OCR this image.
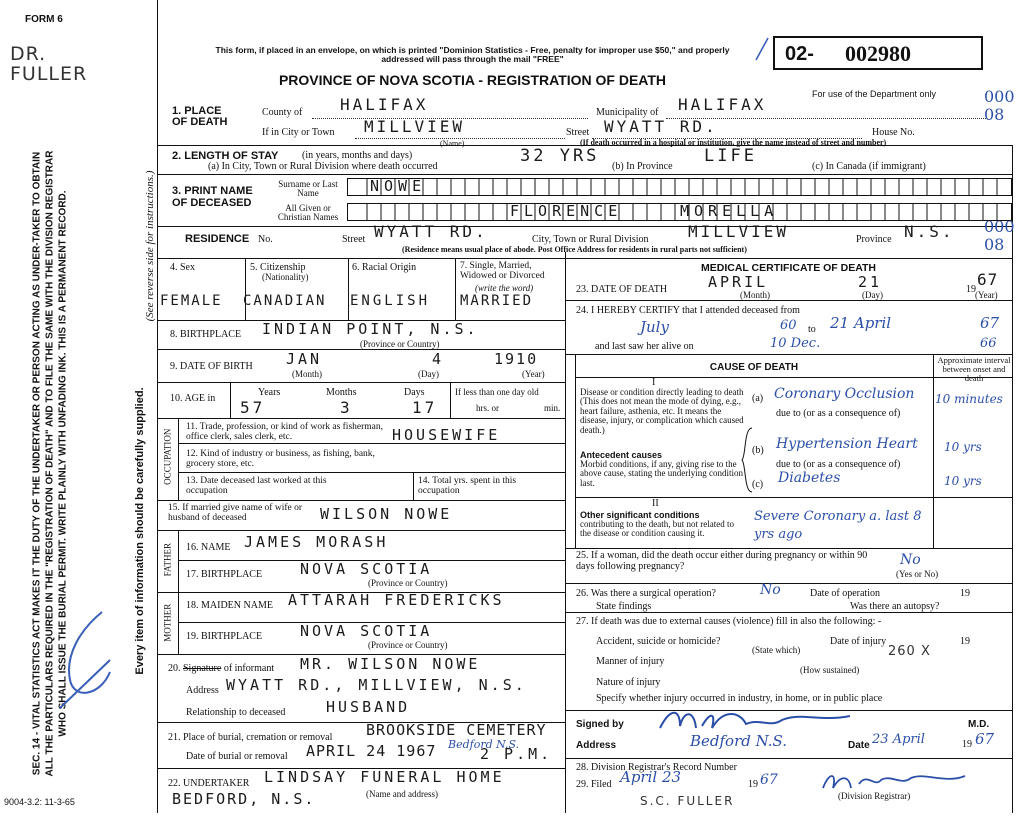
FORM 6
DR.
FULLER
9004-3.2: 11-3-65
This form, if placed in an envelope, on which is printed "Dominion Statistics - Free, penalty for improper use $50," and properly addressed will pass through the mail "FREE"
PROVINCE OF NOVA SCOTIA - REGISTRATION OF DEATH
02- 002980
For use of the Department only	000
08
000
08
SEC. 14 - VITAL STATISTICS ACT MAKES IT THE DUTY OF THE UNDERTAKER OR PERSON ACTING AS UNDER-TAKER TO OBTAIN ALL THE PARTICULARS REQUIRED IN THE "REGISTRATION OF DEATH" AND TO FILE THE SAME WITH THE DIVISION REGISTRAR WHO SHALL ISSUE THE BURIAL PERMIT. WRITE PLAINLY WITH UNFADING INK. THIS IS A PERMANENT RECORD.	(See reverse side for instructions.)
Every item of information should be carefully supplied.
1. PLACE OF DEATH
County of HALIFAX	Municipality of HALIFAX
If in City or Town MILLVIEW
(Name)
Street WYATT RD.	House No.
(If death occurred in a hospital or institution, give the name instead of street and number)
2. LENGTH OF STAY (in years, months and days)
(a) In City, Town or Rural Division where death occurred
32 YRS
(b) In Province
LIFE
(c) In Canada (if immigrant)
3. PRINT NAME OF DECEASED
Surname or Last Name
All Given or Christian Names
NOWE
FLORENCE	MORELLA
RESIDENCE No.	Street WYATT RD.	City, Town or Rural Division MILLVIEW	Province N.S.
(Residence means usual place of abode. Post Office Address for residents in rural parts not sufficient)
4. Sex
FEMALE
5. Citizenship
(Nationality)
CANADIAN
6. Racial Origin
ENGLISH
7. Single, Married, Widowed or Divorced
(write the word)
MARRIED
8. BIRTHPLACE INDIAN POINT, N.S.
(Province or Country)
9. DATE OF BIRTH JAN	4	1910
(Month)	(Day)	(Year)
10. AGE in
Years	Months	Days
57	3	17
If less than one day old
hrs. or	min.
OCCUPATION
11. Trade, profession, or kind of work as fisherman, office clerk, sales clerk, etc.	HOUSEWIFE
12. Kind of industry or business, as fishing, bank, grocery store, etc.
13. Date deceased last worked at this occupation
14. Total yrs. spent in this occupation
15. If married give name of wife or husband of deceased	WILSON NOWE
FATHER 16. NAME JAMES MORASH
17. BIRTHPLACE	NOVA SCOTIA
(Province or Country)
MOTHER 18. MAIDEN NAME ATTARAH FREDERICKS
19. BIRTHPLACE	NOVA SCOTIA
(Province or Country)
20. Signature of informant MR. WILSON NOWE
Address WYATT RD., MILLVIEW, N.S.
Relationship to deceased	HUSBAND
21. Place of burial, cremation or removal BROOKSIDE CEMETERY
Bedford N.S.
Date of burial or removal APRIL 24 1967	2 P.M.
22. UNDERTAKER LINDSAY FUNERAL HOME
BEDFORD, N.S.	(Name and address)
MEDICAL CERTIFICATE OF DEATH
23. DATE OF DEATH	APRIL	21	19
67
(Month)	(Day)	(Year)
24. I HEREBY CERTIFY that I attended deceased from
July	60 to 21 April	67
and last saw her alive on	10 Dec.	66
CAUSE OF DEATH
Approximate interval between onset and death
I
Disease or condition directly leading to death (This does not mean the mode of dying, e.g., heart failure, asthenia, etc. It means the disease, injury, or complication which caused death.)
(a) Coronary Occlusion 10 minutes
due to (or as a consequence of)
Antecedent causes
Morbid conditions, if any, giving rise to the above cause, stating the underlying condition last.
(b) Hypertension Heart 10 yrs
due to (or as a consequence of)
(c) Diabetes	10 yrs
II
Other significant conditions
contributing to the death, but not related to the disease or condition causing it.
Severe Coronary a. last 8 yrs ago
25. If a woman, did the death occur either during pregnancy or within 90 days following pregnancy?	No
(Yes or No)
26. Was there a surgical operation?	No	Date of operation	19
State findings	Was there an autopsy?
27. If death was due to external causes (violence) fill in also the following: -
Accident, suicide or homicide?	Date of injury	19
(State which)	260 X
Manner of injury
(How sustained)
Nature of injury
Specify whether injury occurred in industry, in home, or in public place
Signed by	M.D.
Address	Bedford N.S.	Date 23 April	19 67
28. Division Registrar's Record Number
29. Filed April 23	19 67
(Division Registrar)
S.C. FULLER
